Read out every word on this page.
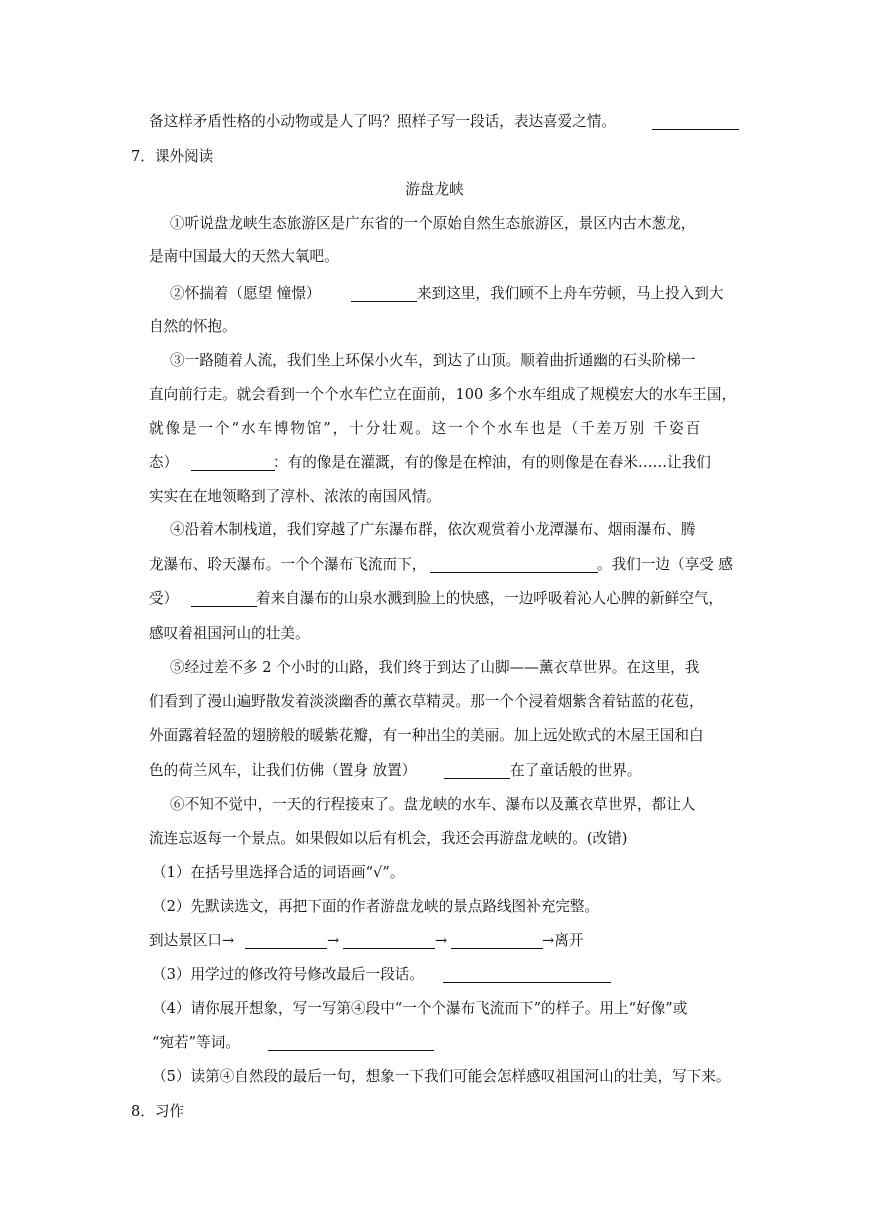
备这样矛盾性格的小动物或是人了吗？照样子写一段话，表达喜爱之情。
7．课外阅读
游盘龙峡
①听说盘龙峡生态旅游区是广东省的一个原始自然生态旅游区，景区内古木葱龙，
是南中国最大的天然大氧吧。
②怀揣着（愿望 憧憬）	来到这里，我们顾不上舟车劳顿，马上投入到大
自然的怀抱。
③一路随着人流，我们坐上环保小火车，到达了山顶。顺着曲折通幽的石头阶梯一
直向前行走。就会看到一个个水车伫立在面前，100 多个水车组成了规模宏大的水车王国，
就像是一个“水车博物馆”，十分壮观。这一个个水车也是（千差万别 千姿百
态）	：有的像是在灌溉，有的像是在榨油，有的则像是在舂米……让我们
实实在在地领略到了淳朴、浓浓的南国风情。
④沿着木制栈道，我们穿越了广东瀑布群，依次观赏着小龙潭瀑布、烟雨瀑布、腾
龙瀑布、聆天瀑布。一个个瀑布飞流而下，	。我们一边（享受 感
受）	着来自瀑布的山泉水溅到脸上的快感，一边呼吸着沁人心脾的新鲜空气，
感叹着祖国河山的壮美。
⑤经过差不多 2 个小时的山路，我们终于到达了山脚——薰衣草世界。在这里，我
们看到了漫山遍野散发着淡淡幽香的薰衣草精灵。那一个个浸着烟紫含着钴蓝的花苞，
外面露着轻盈的翅膀般的暖紫花瓣，有一种出尘的美丽。加上远处欧式的木屋王国和白
色的荷兰风车，让我们仿佛（置身 放置）	在了童话般的世界。
⑥不知不觉中，一天的行程接束了。盘龙峡的水车、瀑布以及薰衣草世界，都让人
流连忘返每一个景点。如果假如以后有机会，我还会再游盘龙峡的。(改错)
（1）在括号里选择合适的词语画“√”。
（2）先默读选文，再把下面的作者游盘龙峡的景点路线图补充完整。
到达景区口→	→	→	→离开
（3）用学过的修改符号修改最后一段话。
（4）请你展开想象，写一写第④段中“一个个瀑布飞流而下”的样子。用上“好像”或
“宛若”等词。
（5）读第④自然段的最后一句，想象一下我们可能会怎样感叹祖国河山的壮美，写下来。
8．习作
